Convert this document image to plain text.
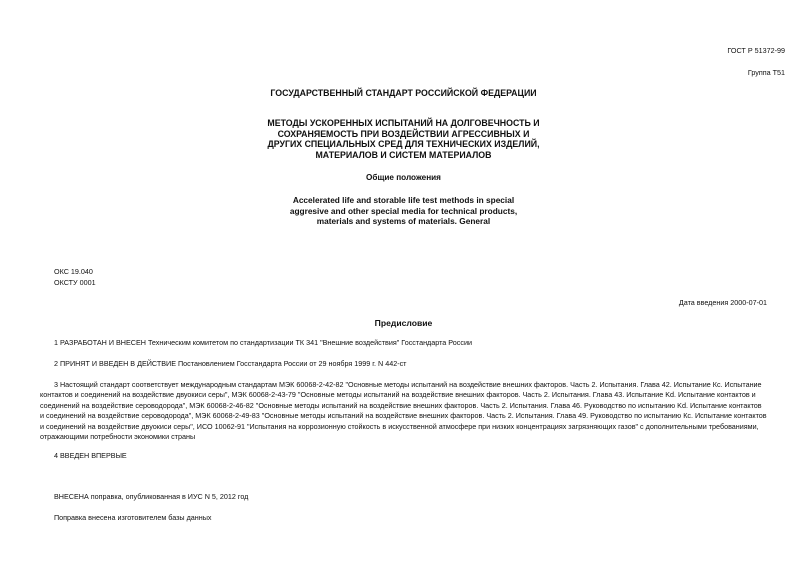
ГОСТ Р 51372-99
Группа Т51
ГОСУДАРСТВЕННЫЙ СТАНДАРТ РОССИЙСКОЙ ФЕДЕРАЦИИ
МЕТОДЫ УСКОРЕННЫХ ИСПЫТАНИЙ НА ДОЛГОВЕЧНОСТЬ И
СОХРАНЯЕМОСТЬ ПРИ ВОЗДЕЙСТВИИ АГРЕССИВНЫХ И
ДРУГИХ СПЕЦИАЛЬНЫХ СРЕД ДЛЯ ТЕХНИЧЕСКИХ ИЗДЕЛИЙ,
МАТЕРИАЛОВ И СИСТЕМ МАТЕРИАЛОВ
Общие положения
Accelerated life and storable life test methods in special
aggresive and other special media for technical products,
materials and systems of materials. General
ОКС 19.040
ОКСТУ 0001
Дата введения 2000-07-01
Предисловие
1 РАЗРАБОТАН И ВНЕСЕН Техническим комитетом по стандартизации ТК 341 "Внешние воздействия" Госстандарта России
2 ПРИНЯТ И ВВЕДЕН В ДЕЙСТВИЕ Постановлением Госстандарта России от 29 ноября 1999 г. N 442-ст
3 Настоящий стандарт соответствует международным стандартам МЭК 60068-2-42-82 "Основные методы испытаний на воздействие внешних факторов. Часть 2. Испытания. Глава 42. Испытание Кс. Испытание
контактов и соединений на воздействие двуокиси серы", МЭК 60068-2-43-79 "Основные методы испытаний на воздействие внешних факторов. Часть 2. Испытания. Глава 43. Испытание Kd. Испытание контактов и
соединений на воздействие сероводорода", МЭК 60068-2-46-82 "Основные методы испытаний на воздействие внешних факторов. Часть 2. Испытания. Глава 46. Руководство по испытанию Kd. Испытание контактов
и соединений на воздействие сероводорода", МЭК 60068-2-49-83 "Основные методы испытаний на воздействие внешних факторов. Часть 2. Испытания. Глава 49. Руководство по испытанию Кс. Испытание контактов
и соединений на воздействие двуокиси серы", ИСО 10062-91 "Испытания на коррозионную стойкость в искусственной атмосфере при низких концентрациях загрязняющих газов" с дополнительными требованиями,
отражающими потребности экономики страны
4 ВВЕДЕН ВПЕРВЫЕ
ВНЕСЕНА поправка, опубликованная в ИУС N 5, 2012 год
Поправка внесена изготовителем базы данных
